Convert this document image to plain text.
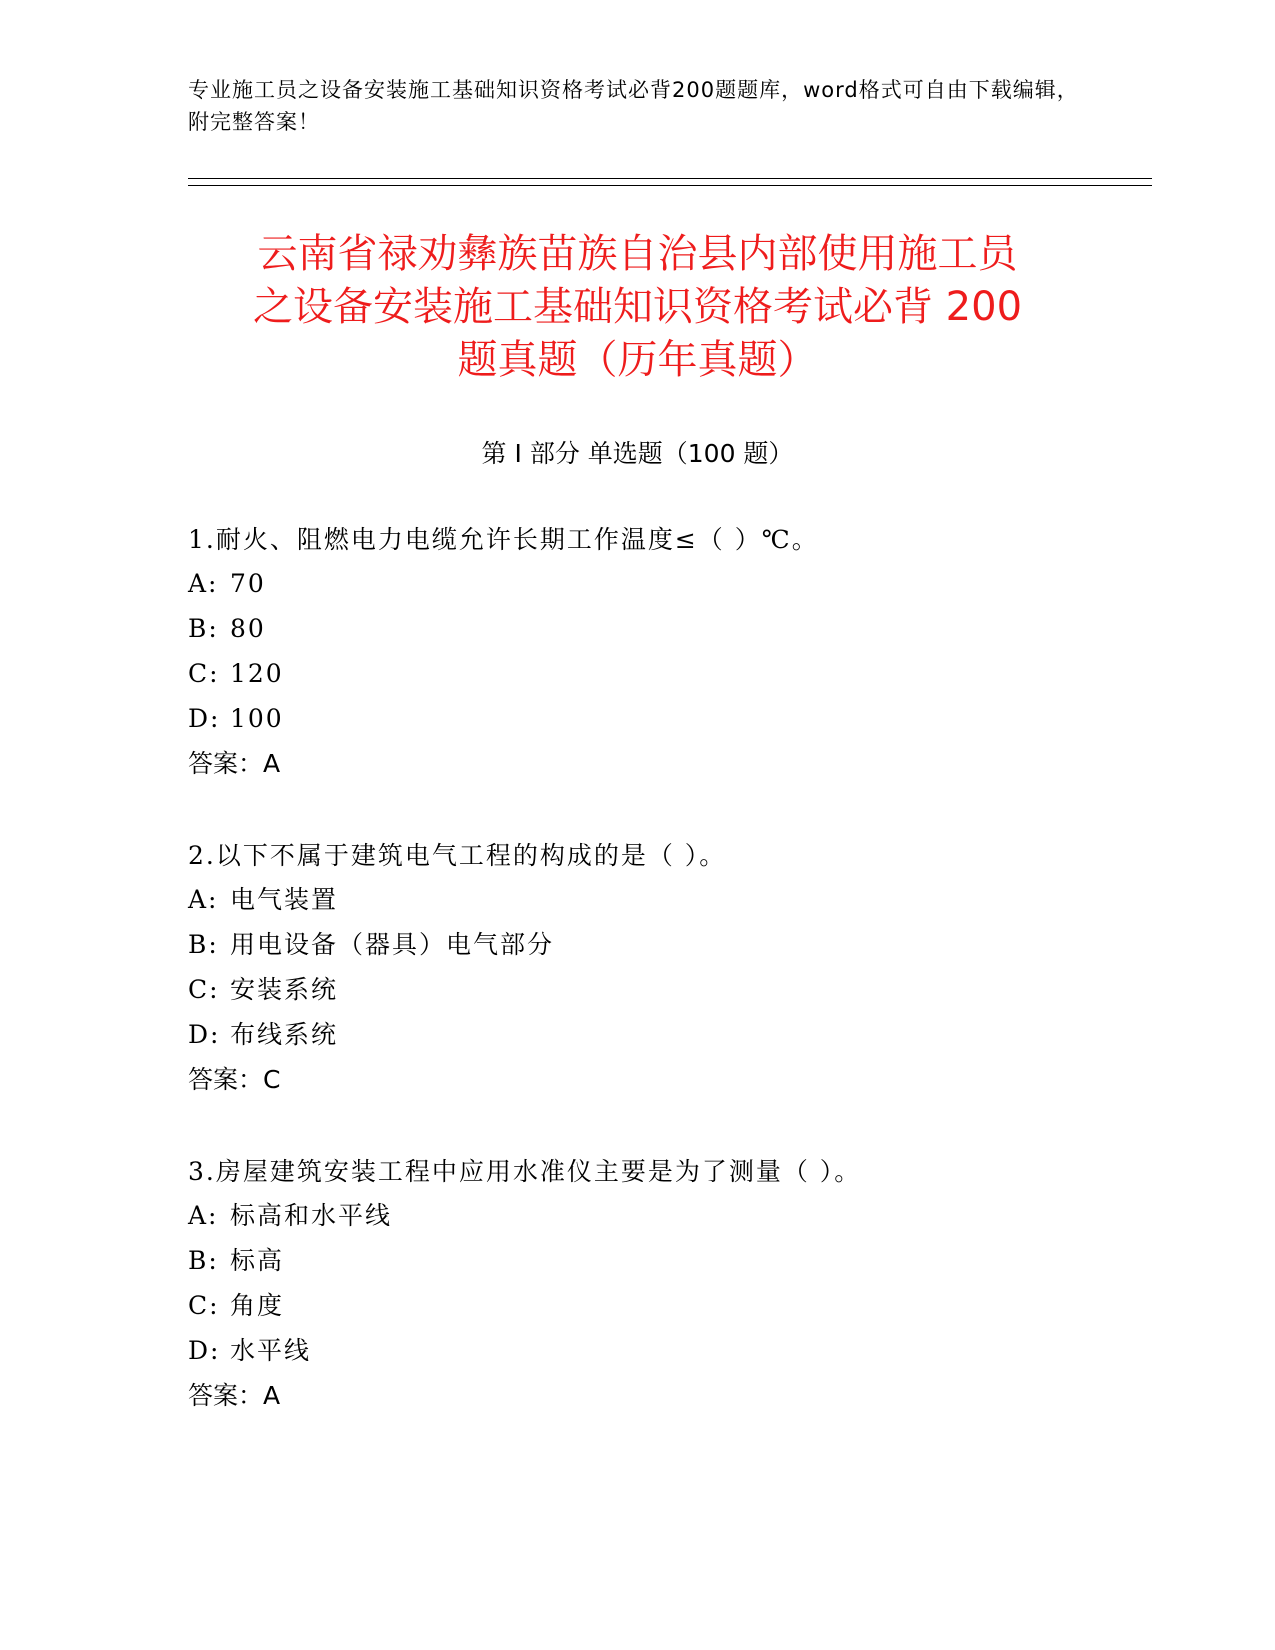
专业施工员之设备安装施工基础知识资格考试必背200题题库，word格式可自由下载编辑，附完整答案！
云南省禄劝彝族苗族自治县内部使用施工员
之设备安装施工基础知识资格考试必背 200
题真题（历年真题）
第 I 部分 单选题（100 题）
1.耐火、阻燃电力电缆允许长期工作温度≤（ ）℃。
A: 70
B: 80
C: 120
D: 100
答案：A
2.以下不属于建筑电气工程的构成的是（ ）。
A: 电气装置
B: 用电设备（器具）电气部分
C: 安装系统
D: 布线系统
答案：C
3.房屋建筑安装工程中应用水准仪主要是为了测量（ ）。
A: 标高和水平线
B: 标高
C: 角度
D: 水平线
答案：A
